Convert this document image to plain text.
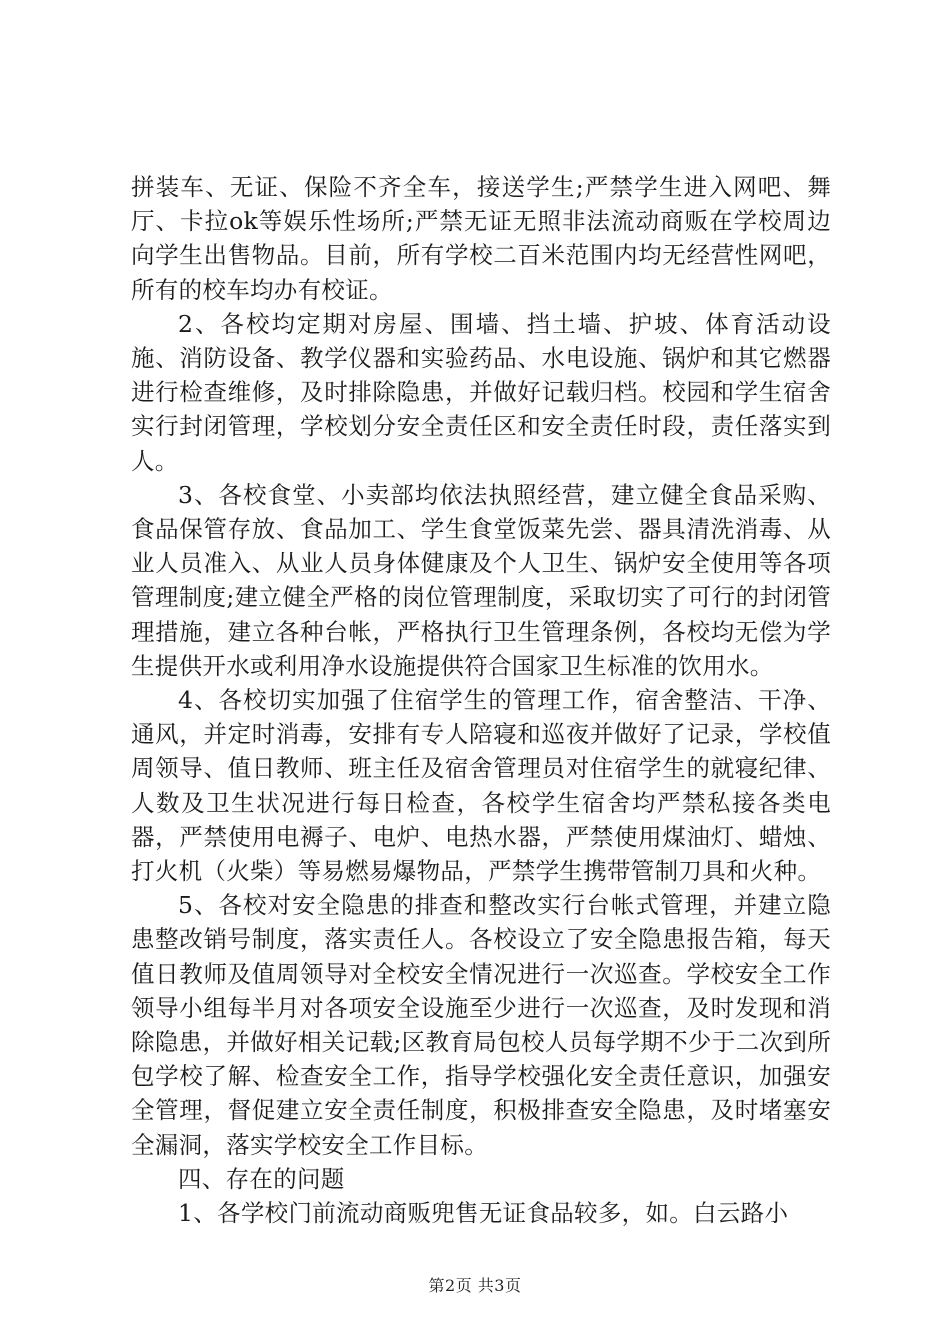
拼装车、无证、保险不齐全车，接送学生;严禁学生进入网吧、舞厅、卡拉ok等娱乐性场所;严禁无证无照非法流动商贩在学校周边向学生出售物品。目前，所有学校二百米范围内均无经营性网吧，所有的校车均办有校证。

2、各校均定期对房屋、围墙、挡土墙、护坡、体育活动设施、消防设备、教学仪器和实验药品、水电设施、锅炉和其它燃器进行检查维修，及时排除隐患，并做好记载归档。校园和学生宿舍实行封闭管理，学校划分安全责任区和安全责任时段，责任落实到人。

3、各校食堂、小卖部均依法执照经营，建立健全食品采购、食品保管存放、食品加工、学生食堂饭菜先尝、器具清洗消毒、从业人员准入、从业人员身体健康及个人卫生、锅炉安全使用等各项管理制度;建立健全严格的岗位管理制度，采取切实了可行的封闭管理措施，建立各种台帐，严格执行卫生管理条例，各校均无偿为学生提供开水或利用净水设施提供符合国家卫生标准的饮用水。

4、各校切实加强了住宿学生的管理工作，宿舍整洁、干净、通风，并定时消毒，安排有专人陪寝和巡夜并做好了记录，学校值周领导、值日教师、班主任及宿舍管理员对住宿学生的就寝纪律、人数及卫生状况进行每日检查，各校学生宿舍均严禁私接各类电器，严禁使用电褥子、电炉、电热水器，严禁使用煤油灯、蜡烛、打火机（火柴）等易燃易爆物品，严禁学生携带管制刀具和火种。

5、各校对安全隐患的排查和整改实行台帐式管理，并建立隐患整改销号制度，落实责任人。各校设立了安全隐患报告箱，每天值日教师及值周领导对全校安全情况进行一次巡查。学校安全工作领导小组每半月对各项安全设施至少进行一次巡查，及时发现和消除隐患，并做好相关记载;区教育局包校人员每学期不少于二次到所包学校了解、检查安全工作，指导学校强化安全责任意识，加强安全管理，督促建立安全责任制度，积极排查安全隐患，及时堵塞安全漏洞，落实学校安全工作目标。

四、存在的问题

1、各学校门前流动商贩兜售无证食品较多，如。白云路小

第2页 共3页
